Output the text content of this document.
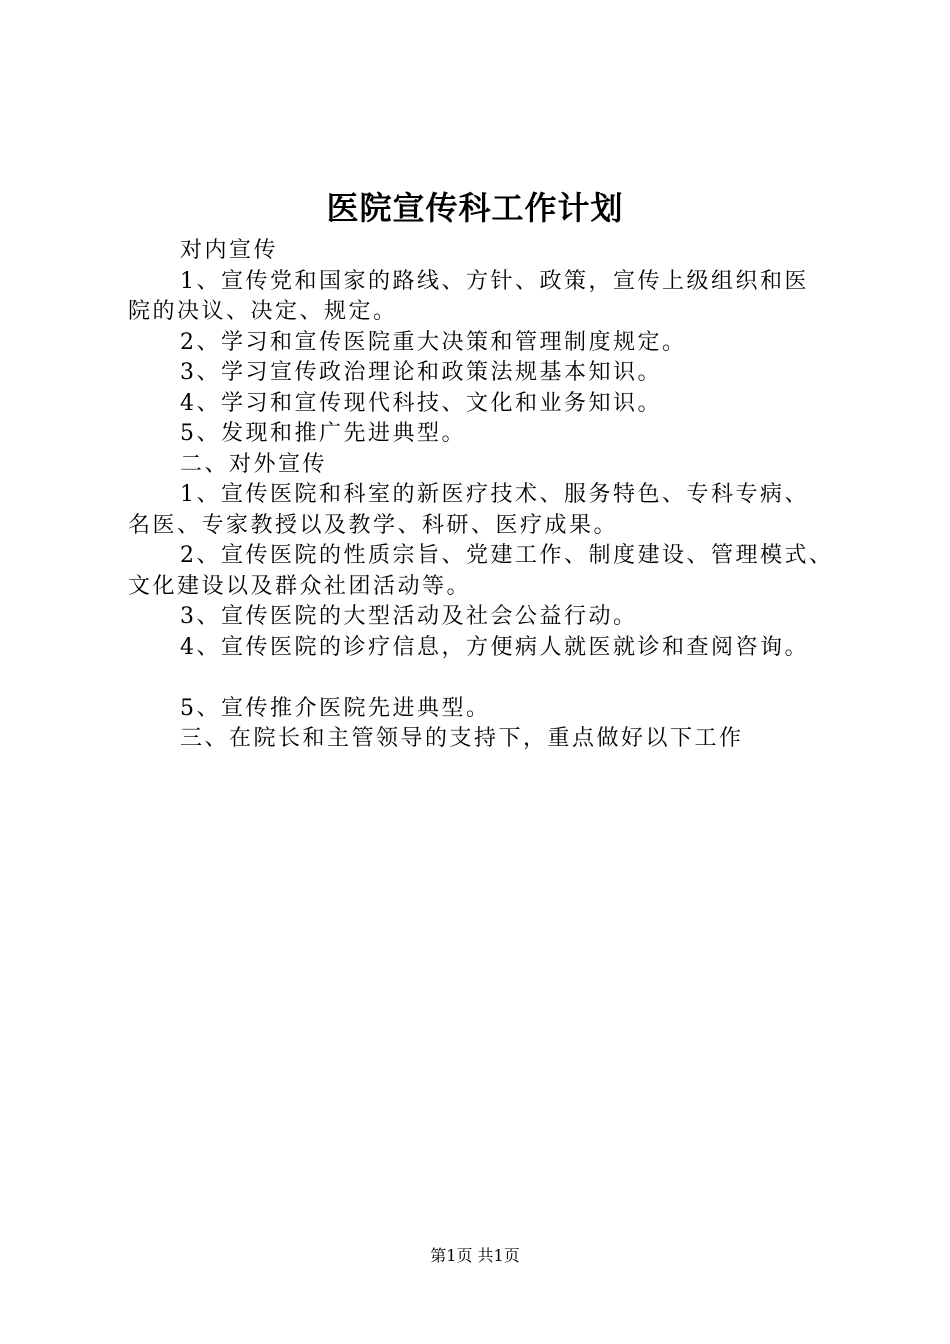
医院宣传科工作计划
对内宣传
1、宣传党和国家的路线、方针、政策，宣传上级组织和医
院的决议、决定、规定。
2、学习和宣传医院重大决策和管理制度规定。
3、学习宣传政治理论和政策法规基本知识。
4、学习和宣传现代科技、文化和业务知识。
5、发现和推广先进典型。
二、对外宣传
1、宣传医院和科室的新医疗技术、服务特色、专科专病、
名医、专家教授以及教学、科研、医疗成果。
2、宣传医院的性质宗旨、党建工作、制度建设、管理模式、
文化建设以及群众社团活动等。
3、宣传医院的大型活动及社会公益行动。
4、宣传医院的诊疗信息，方便病人就医就诊和查阅咨询。
5、宣传推介医院先进典型。
三、在院长和主管领导的支持下，重点做好以下工作
第1页 共1页
